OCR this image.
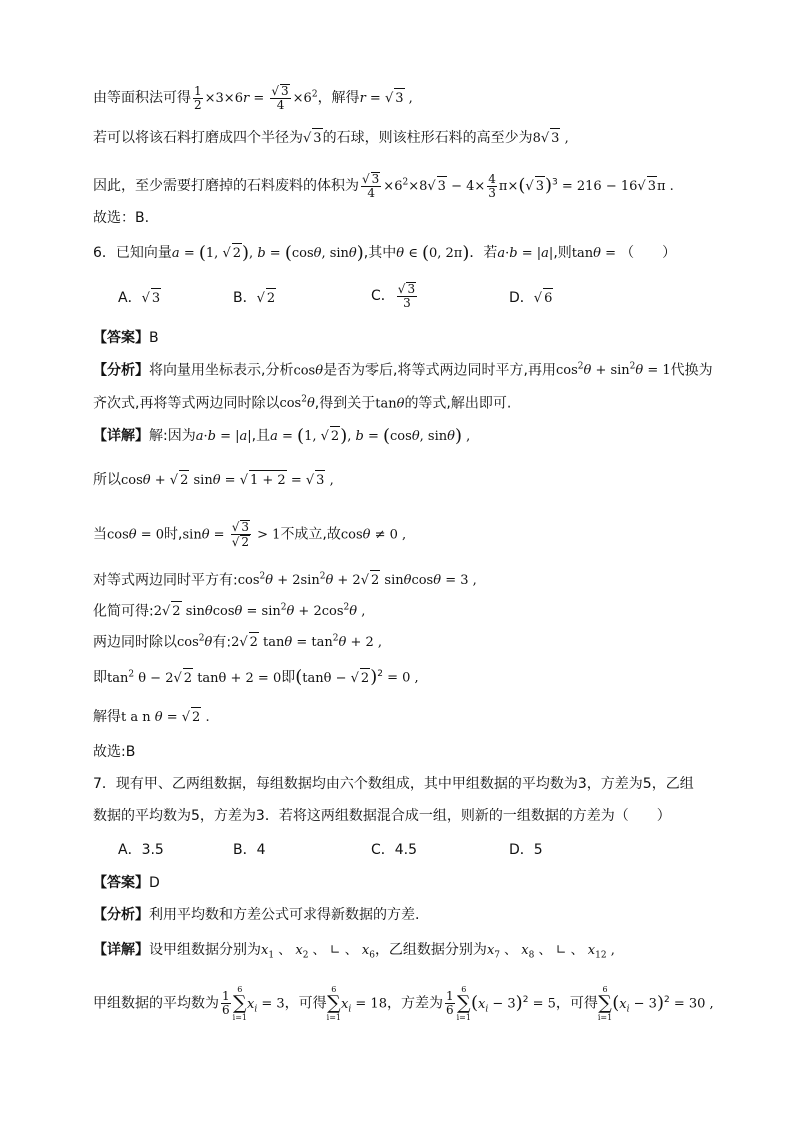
由等面积法可得 $\frac{1}{2} \times 3\times 6r = \frac{√ 3}{4} \times 6^2$，解得r = √ 3 ,
若可以将该石料打磨成四个半径为√ 3的石球，则该柱形石料的高至少为8√ 3 ,
因此，至少需要打磨掉的石料废料的体积为 $\frac{√ 3}{4} \times 6^2\times 8√$ $3 - 4\times \frac{4}{3} \pi\times(√$ 3)$^3$ = 216 − 16√ 3π .
故选：B.
6．已知向量a = (1, √ 2), b = (cosθ, sinθ),其中θ ∈ (0, 2π)．若a·b = |a|,则tanθ = （　　）
A．√ 3	B．√ 2	C． $\frac{√ 3}{3}$	D．√ 6
【答案】B
【分析】将向量用坐标表示,分析cosθ是否为零后,将等式两边同时平方,再用$\cos^2\theta + \sin^2\theta = 1$代换为
齐次式,再将等式两边同时除以$\cos^2\theta$,得到关于tanθ的等式,解出即可.
【详解】解:因为a·b = |a|,且a = (1, √ 2), b = (cosθ, sinθ) ,
所以cosθ + √ 2 sinθ = √ 1 + 2 = √ 3 ,
当cosθ = 0时$,\sin\theta = \frac{√ 3}{√ 2} > 1$不成立,故cosθ ≠ 0 ,
对等式两边同时平方有$:\cos^2\theta + 2\sin^2\theta + 2√$ 2 sinθcosθ = 3 ,
化简可得:2√ 2 $\sin\theta\cos\theta = \sin^2\theta + 2\cos^2\theta$ ,
两边同时除以$\cos^2\theta$有:2√ 2 $\tan\theta = \tan^2\theta + 2$ ,
即$\tan^2 \theta - 2√$ 2 tanθ + 2 = 0即(tanθ − √ 2)$^2$ = 0 ,
解得t a n θ = √ 2 .
故选:B
7．现有甲、乙两组数据，每组数据均由六个数组成，其中甲组数据的平均数为3，方差为5，乙组
数据的平均数为5，方差为3．若将这两组数据混合成一组，则新的一组数据的方差为（　　）
A．3.5	B．4	C．4.5	D．5
【答案】D
【分析】利用平均数和方差公式可求得新数据的方差.
【详解】设甲组数据分别为$x_1$ 、 $x_2$ 、 ∟ 、 $x_6$，乙组数据分别为$x_7$ 、 $x_8$ 、 ∟ 、 $x_{12}$ ,
甲组数据的平均数为 $\frac{1}{6}$
6
∑
i=1
$x_i = 3$，可得
6
∑
i=1
$x_i = 18$，方差为 $\frac{1}{6}$
6
∑
i=1
$(x_i - 3)^2 = 5$，可得
6
∑
i=1
$(x_i - 3)^2 = 30$ ,
